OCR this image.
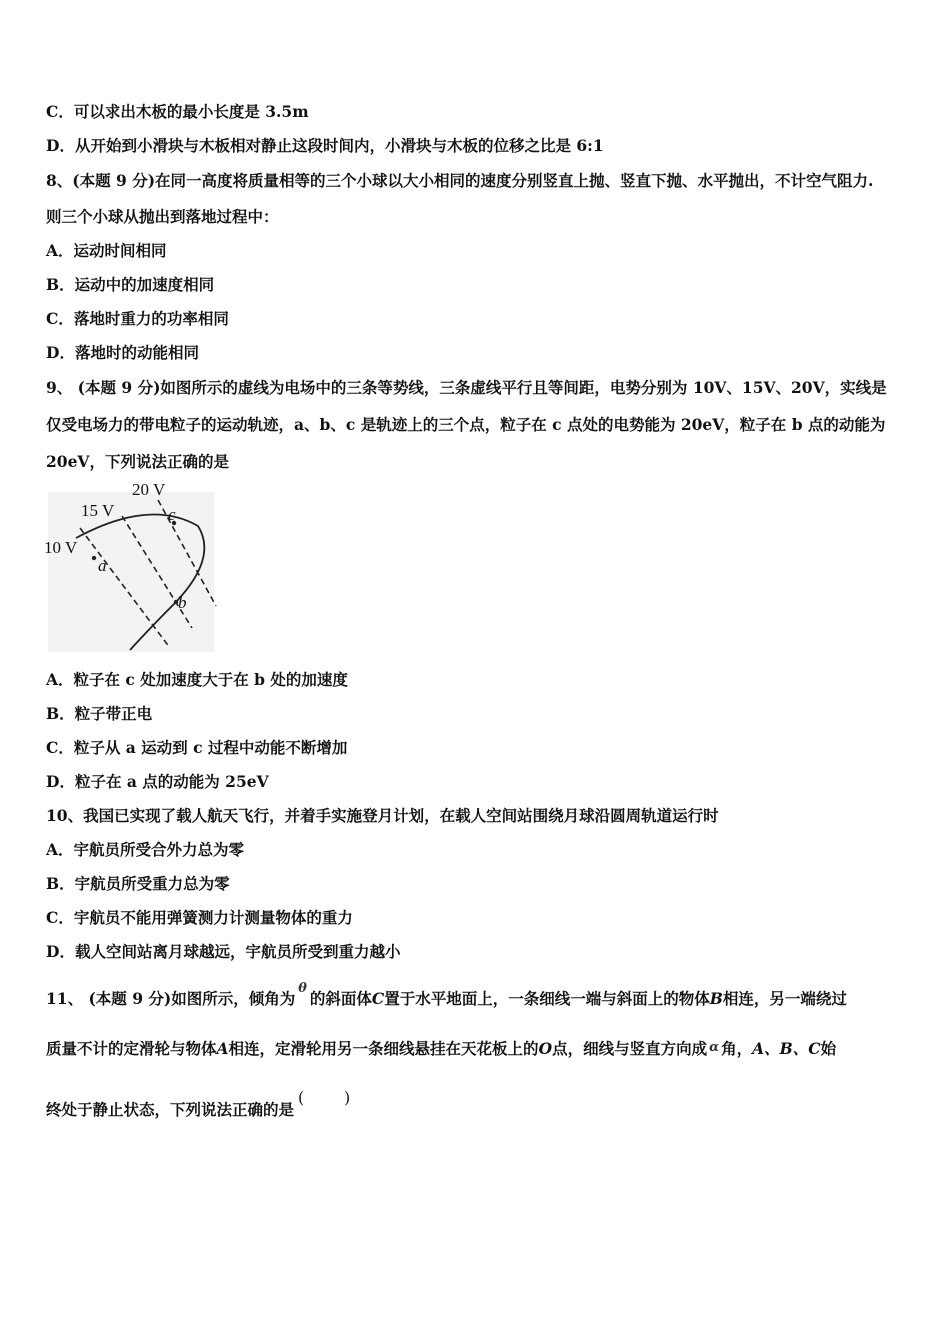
C．可以求出木板的最小长度是 3.5m
D．从开始到小滑块与木板相对静止这段时间内，小滑块与木板的位移之比是 6:1
8、(本题 9 分)在同一高度将质量相等的三个小球以大小相同的速度分别竖直上抛、竖直下抛、水平抛出，不计空气阻力.
则三个小球从抛出到落地过程中：
A．运动时间相同
B．运动中的加速度相同
C．落地时重力的功率相同
D．落地时的动能相同
9、 (本题 9 分)如图所示的虚线为电场中的三条等势线，三条虚线平行且等间距，电势分别为 10V、15V、20V，实线是
仅受电场力的带电粒子的运动轨迹，a、b、c 是轨迹上的三个点，粒子在 c 点处的电势能为 20eV，粒子在 b 点的动能为
20eV，下列说法正确的是
20 V
15 V
10 V
a
b
c
A．粒子在 c 处加速度大于在 b 处的加速度
B．粒子带正电
C．粒子从 a 运动到 c 过程中动能不断增加
D．粒子在 a 点的动能为 25eV
10、我国已实现了载人航天飞行，并着手实施登月计划，在载人空间站围绕月球沿圆周轨道运行时
A．宇航员所受合外力总为零
B．宇航员所受重力总为零
C．宇航员不能用弹簧测力计测量物体的重力
D．载人空间站离月球越远，宇航员所受到重力越小
11、 (本题 9 分)如图所示，倾角为$^\theta$的斜面体C置于水平地面上，一条细线一端与斜面上的物体B相连，另一端绕过
质量不计的定滑轮与物体A相连，定滑轮用另一条细线悬挂在天花板上的O点，细线与竖直方向成 α 角，A、B、C始
终处于静止状态，下列说法正确的是(	)
